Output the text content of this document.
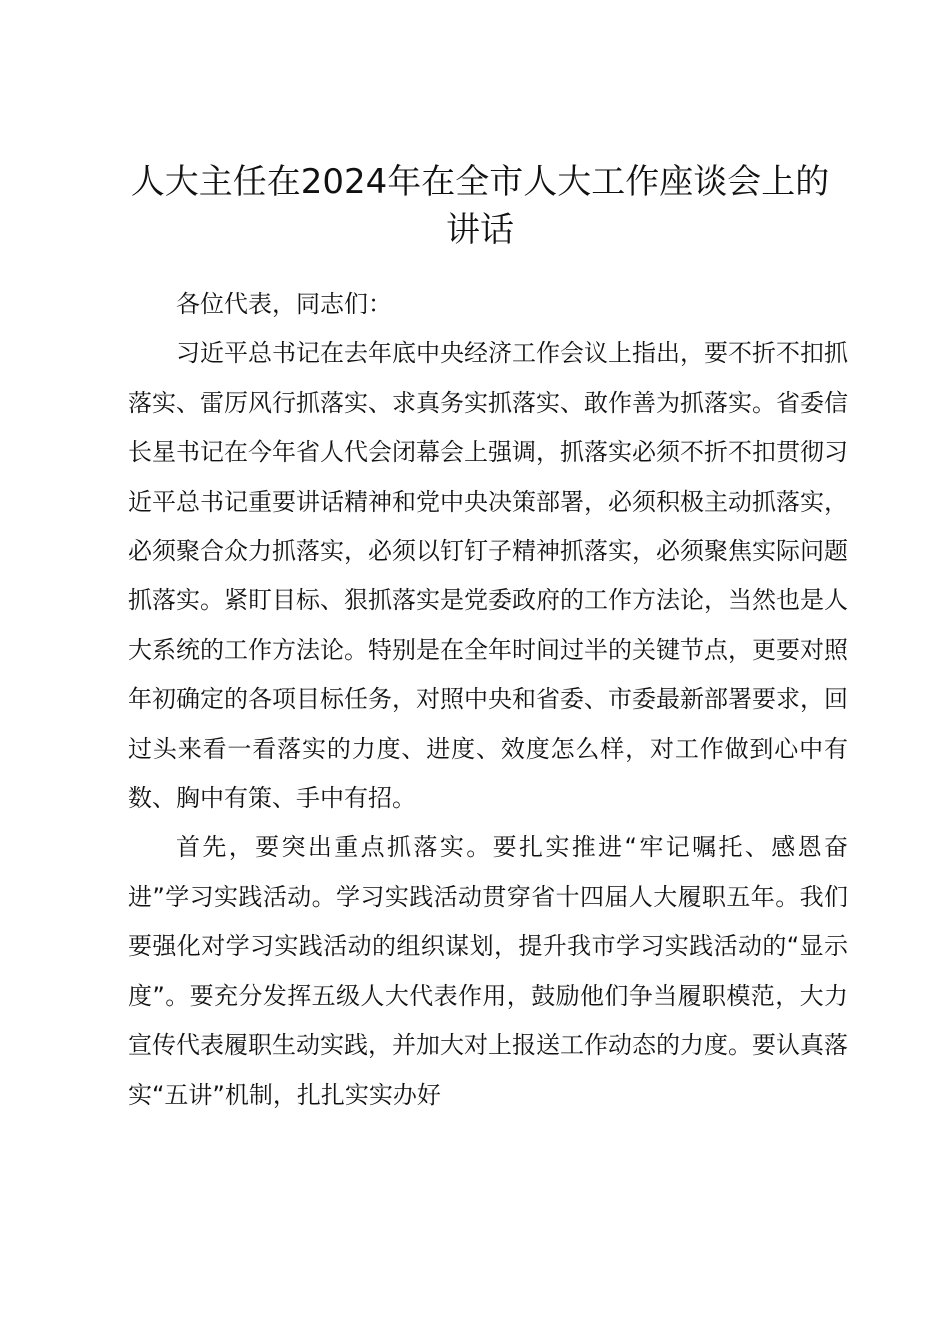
人大主任在2024年在全市人大工作座谈会上的讲话

各位代表，同志们：

习近平总书记在去年底中央经济工作会议上指出，要不折不扣抓落实、雷厉风行抓落实、求真务实抓落实、敢作善为抓落实。省委信长星书记在今年省人代会闭幕会上强调，抓落实必须不折不扣贯彻习近平总书记重要讲话精神和党中央决策部署，必须积极主动抓落实，必须聚合众力抓落实，必须以钉钉子精神抓落实，必须聚焦实际问题抓落实。紧盯目标、狠抓落实是党委政府的工作方法论，当然也是人大系统的工作方法论。特别是在全年时间过半的关键节点，更要对照年初确定的各项目标任务，对照中央和省委、市委最新部署要求，回过头来看一看落实的力度、进度、效度怎么样，对工作做到心中有数、胸中有策、手中有招。

首先，要突出重点抓落实。要扎实推进“牢记嘱托、感恩奋进”学习实践活动。学习实践活动贯穿省十四届人大履职五年。我们要强化对学习实践活动的组织谋划，提升我市学习实践活动的“显示度”。要充分发挥五级人大代表作用，鼓励他们争当履职模范，大力宣传代表履职生动实践，并加大对上报送工作动态的力度。要认真落实“五讲”机制，扎扎实实办好
